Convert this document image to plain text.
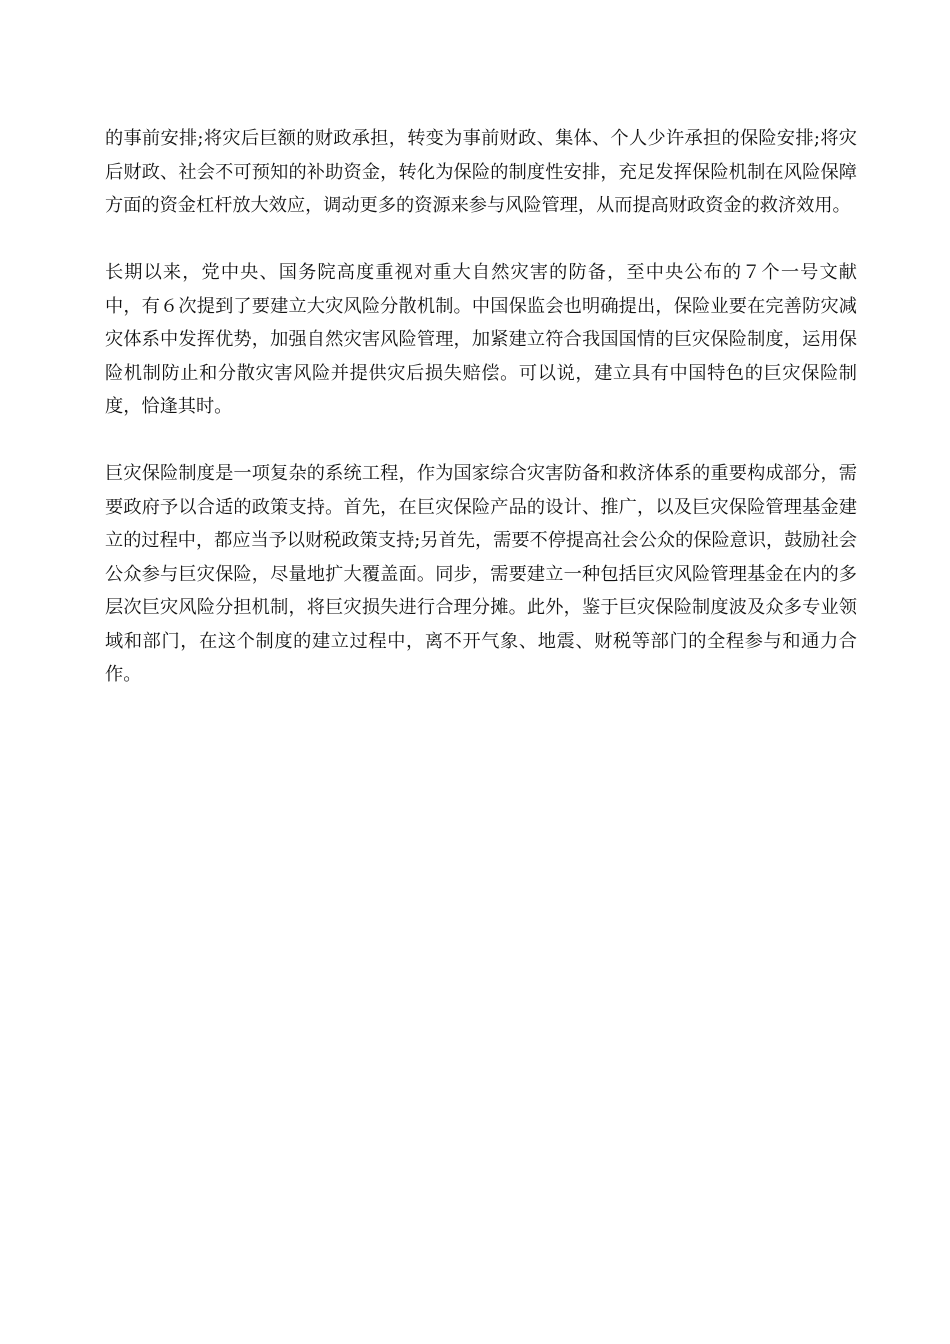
的事前安排;将灾后巨额的财政承担，转变为事前财政、集体、个人少许承担的保险安排;将灾后财政、社会不可预知的补助资金，转化为保险的制度性安排，充足发挥保险机制在风险保障方面的资金杠杆放大效应，调动更多的资源来参与风险管理，从而提高财政资金的救济效用。

长期以来，党中央、国务院高度重视对重大自然灾害的防备，至中央公布的７个一号文献　中，有６次提到了要建立大灾风险分散机制。中国保监会也明确提出，保险业要在完善防灾减灾体系中发挥优势，加强自然灾害风险管理，加紧建立符合我国国情的巨灾保险制度，运用保险机制防止和分散灾害风险并提供灾后损失赔偿。可以说，建立具有中国特色的巨灾保险制度，恰逢其时。

巨灾保险制度是一项复杂的系统工程，作为国家综合灾害防备和救济体系的重要构成部分，需要政府予以合适的政策支持。首先，在巨灾保险产品的设计、推广，以及巨灾保险管理基金建立的过程中，都应当予以财税政策支持;另首先，需要不停提高社会公众的保险意识，鼓励社会公众参与巨灾保险，尽量地扩大覆盖面。同步，需要建立一种包括巨灾风险管理基金在内的多层次巨灾风险分担机制，将巨灾损失进行合理分摊。此外，鉴于巨灾保险制度波及众多专业领域和部门，在这个制度的建立过程中，离不开气象、地震、财税等部门的全程参与和通力合作。
